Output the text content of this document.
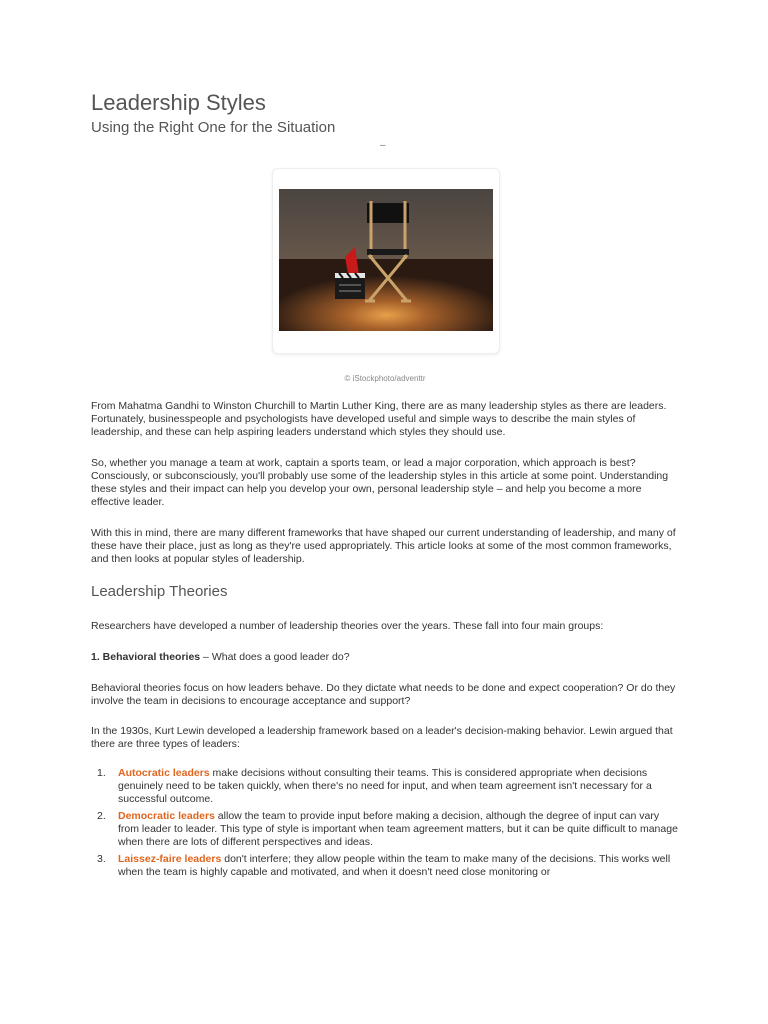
Leadership Styles
Using the Right One for the Situation
–
© iStockphoto/adventtr

From Mahatma Gandhi to Winston Churchill to Martin Luther King, there are as many leadership styles as there are leaders. Fortunately, businesspeople and psychologists have developed useful and simple ways to describe the main styles of leadership, and these can help aspiring leaders understand which styles they should use.

So, whether you manage a team at work, captain a sports team, or lead a major corporation, which approach is best? Consciously, or subconsciously, you'll probably use some of the leadership styles in this article at some point. Understanding these styles and their impact can help you develop your own, personal leadership style – and help you become a more effective leader.

With this in mind, there are many different frameworks that have shaped our current understanding of leadership, and many of these have their place, just as long as they're used appropriately. This article looks at some of the most common frameworks, and then looks at popular styles of leadership.

Leadership Theories

Researchers have developed a number of leadership theories over the years. These fall into four main groups:

1. Behavioral theories – What does a good leader do?

Behavioral theories focus on how leaders behave. Do they dictate what needs to be done and expect cooperation? Or do they involve the team in decisions to encourage acceptance and support?

In the 1930s, Kurt Lewin developed a leadership framework based on a leader's decision-making behavior. Lewin argued that there are three types of leaders:

1. Autocratic leaders make decisions without consulting their teams. This is considered appropriate when decisions genuinely need to be taken quickly, when there's no need for input, and when team agreement isn't necessary for a successful outcome.
2. Democratic leaders allow the team to provide input before making a decision, although the degree of input can vary from leader to leader. This type of style is important when team agreement matters, but it can be quite difficult to manage when there are lots of different perspectives and ideas.
3. Laissez-faire leaders don't interfere; they allow people within the team to make many of the decisions. This works well when the team is highly capable and motivated, and when it doesn't need close monitoring or
